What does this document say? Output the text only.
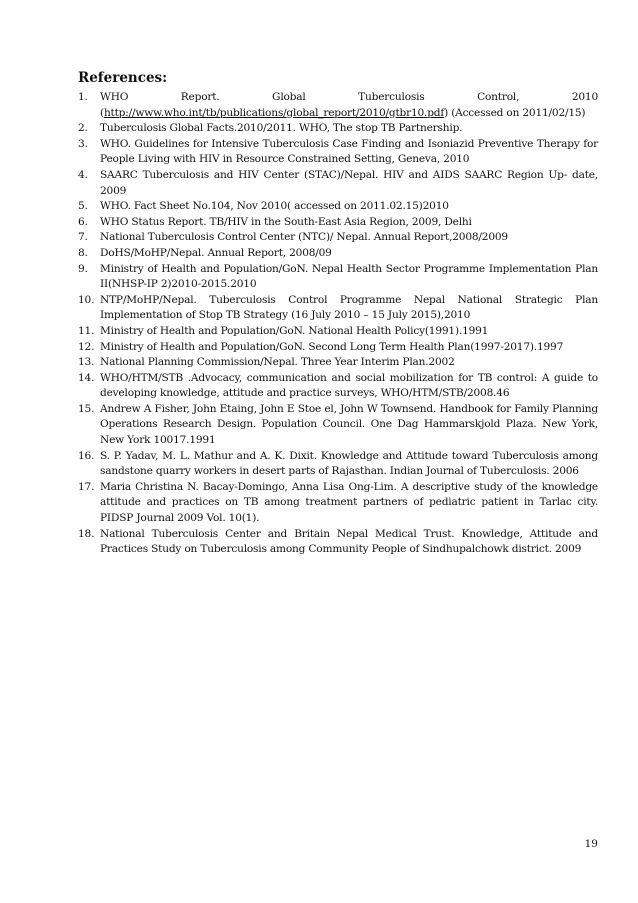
References:
1. WHO Report. Global Tuberculosis Control, 2010 (http://www.who.int/tb/publications/global_report/2010/gtbr10.pdf) (Accessed on 2011/02/15)
2. Tuberculosis Global Facts.2010/2011. WHO, The stop TB Partnership.
3. WHO. Guidelines for Intensive Tuberculosis Case Finding and Isoniazid Preventive Therapy for People Living with HIV in Resource Constrained Setting, Geneva, 2010
4. SAARC Tuberculosis and HIV Center (STAC)/Nepal. HIV and AIDS SAARC Region Up- date, 2009
5. WHO. Fact Sheet No.104, Nov 2010( accessed on 2011.02.15)2010
6. WHO Status Report. TB/HIV in the South-East Asia Region, 2009, Delhi
7. National Tuberculosis Control Center (NTC)/ Nepal. Annual Report,2008/2009
8. DoHS/MoHP/Nepal. Annual Report, 2008/09
9. Ministry of Health and Population/GoN. Nepal Health Sector Programme Implementation Plan II(NHSP-IP 2)2010-2015.2010
10. NTP/MoHP/Nepal. Tuberculosis Control Programme Nepal National Strategic Plan Implementation of Stop TB Strategy (16 July 2010 – 15 July 2015),2010
11. Ministry of Health and Population/GoN. National Health Policy(1991).1991
12. Ministry of Health and Population/GoN. Second Long Term Health Plan(1997-2017).1997
13. National Planning Commission/Nepal. Three Year Interim Plan.2002
14. WHO/HTM/STB .Advocacy, communication and social mobilization for TB control: A guide to developing knowledge, attitude and practice surveys, WHO/HTM/STB/2008.46
15. Andrew A Fisher, John Etaing, John E Stoe el, John W Townsend. Handbook for Family Planning Operations Research Design. Population Council. One Dag Hammarskjold Plaza. New York, New York 10017.1991
16. S. P. Yadav, M. L. Mathur and A. K. Dixit. Knowledge and Attitude toward Tuberculosis among sandstone quarry workers in desert parts of Rajasthan. Indian Journal of Tuberculosis. 2006
17. Maria Christina N. Bacay-Domingo, Anna Lisa Ong-Lim. A descriptive study of the knowledge attitude and practices on TB among treatment partners of pediatric patient in Tarlac city. PIDSP Journal 2009 Vol. 10(1).
18. National Tuberculosis Center and Britain Nepal Medical Trust. Knowledge, Attitude and Practices Study on Tuberculosis among Community People of Sindhupalchowk district. 2009
19
